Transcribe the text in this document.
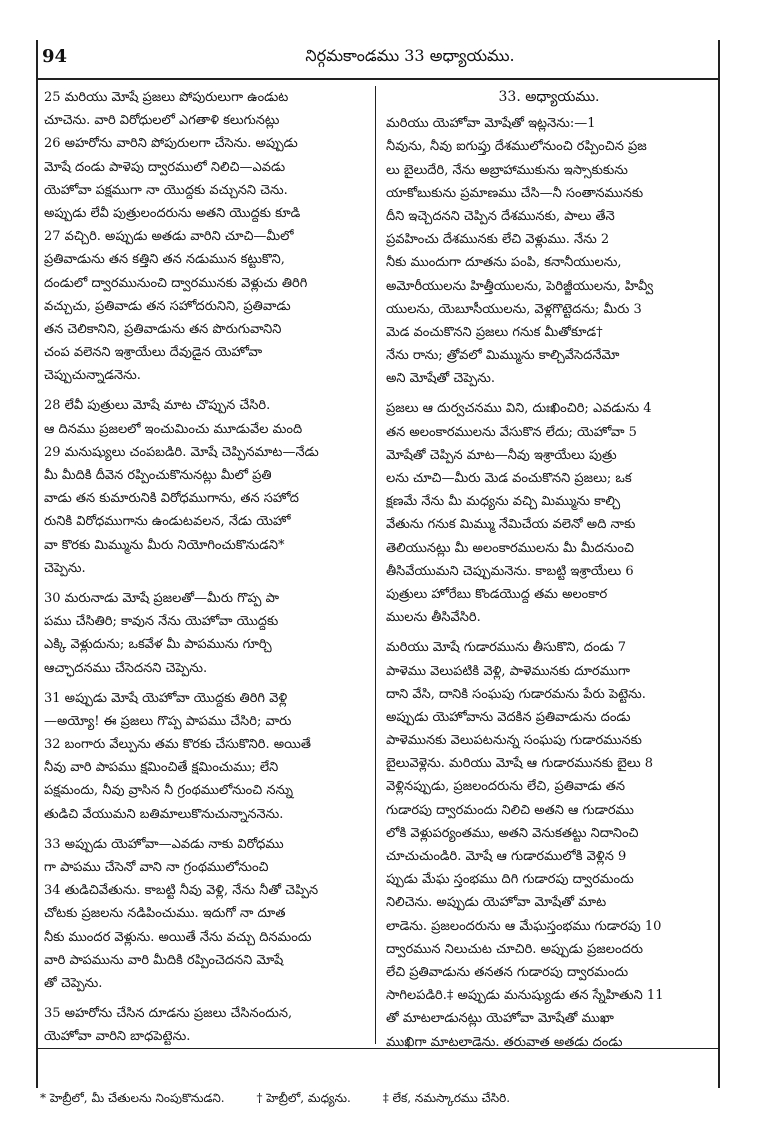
94	నిర్గమకాండము 33 అధ్యాయము.
25 మరియు మోషే ప్రజలు పోపురులుగా ఉండుట
చూచెను. వారి విరోధులలో ఎగతాళి కలుగునట్లు
26 అహరోను వారిని పోపురులగా చేసెను. అప్పుడు
మోషే దండు పాళెపు ద్వారములో నిలిచి—ఎవడు
యెహోవా పక్షముగా నా యొద్దకు వచ్చునని చెను.
అప్పుడు లేవీ పుత్రులందరును అతని యొద్దకు కూడి
27 వచ్చిరి. అప్పుడు అతడు వారిని చూచి—మీలో
ప్రతివాడును తన కత్తిని తన నడుమున కట్టుకొని,
దండులో ద్వారమునుంచి ద్వారమునకు వెళ్లుచు తిరిగి
వచ్చుచు, ప్రతివాడు తన సహోదరునిని, ప్రతివాడు
తన చెలికానిని, ప్రతివాడును తన పొరుగువానిని
చంప వలెనని ఇశ్రాయేలు దేవుడైన యెహోవా
చెప్పుచున్నాడనెను.
28 లేవీ పుత్రులు మోషే మాట చొప్పున చేసిరి.
ఆ దినము ప్రజలలో ఇంచుమించు మూడువేల మంది
29 మనుష్యులు చంపబడిరి. మోషే చెప్పినమాట—నేడు
మీ మీదికి దీవెన రప్పించుకొనునట్లు మీలో ప్రతి
వాడు తన కుమారునికి విరోధముగాను, తన సహోద
రునికి విరోధముగాను ఉండుటవలన, నేడు యెహో
వా కొరకు మిమ్మును మీరు నియోగించుకొనుడని*
చెప్పెను.
30 మరునాడు మోషే ప్రజలతో—మీరు గొప్ప పా
పము చేసితిరి; కావున నేను యెహోవా యొద్దకు
ఎక్కి వెళ్లుదును; ఒకవేళ మీ పాపమును గూర్చి
ఆచ్ఛాదనము చేసెదనని చెప్పెను.
31 అప్పుడు మోషే యెహోవా యొద్దకు తిరిగి వెళ్లి
—అయ్యో! ఈ ప్రజలు గొప్ప పాపము చేసిరి; వారు
32 బంగారు వేల్పును తమ కొరకు చేసుకొనిరి. అయితే
నీవు వారి పాపము క్షమించితే క్షమించుము; లేని
పక్షమందు, నీవు వ్రాసిన నీ గ్రంథములోనుంచి నన్ను
తుడిచి వేయుమని బతిమాలుకొనుచున్నాననెను.
33 అప్పుడు యెహోవా—ఎవడు నాకు విరోధము
గా పాపము చేసెనో వాని నా గ్రంథములోనుంచి
34 తుడిచివేతును. కాబట్టి నీవు వెళ్లి, నేను నీతో చెప్పిన
చోటకు ప్రజలను నడిపించుము. ఇదుగో నా దూత
నీకు ముందర వెళ్లును. అయితే నేను వచ్చు దినమందు
వారి పాపమును వారి మీదికి రప్పించెదనని మోషే
తో చెప్పెను.
35 అహరోను చేసిన దూడను ప్రజలు చేసినందున,
యెహోవా వారిని బాధపెట్టెను.
33. అధ్యాయము.
మరియు యెహోవా మోషేతో ఇట్లనెను:—1
నీవును, నీవు ఐగుప్తు దేశములోనుంచి రప్పించిన ప్రజ
లు బైలుదేరి, నేను అబ్రాహాముకును ఇస్సాకుకును
యాకోబుకును ప్రమాణము చేసి—నీ సంతానమునకు
దీని ఇచ్చెదనని చెప్పిన దేశమునకు, పాలు తేనె
ప్రవహించు దేశమునకు లేచి వెళ్లుము. నేను 2
నీకు ముందుగా దూతను పంపి, కనానీయులను,
అమోరీయులను హిత్తీయులను, పెరిజ్జీయులను, హివ్వీ
యులను, యెబూసీయులను, వెళ్లగొట్టెదను; మీరు 3
మెడ వంచుకొనని ప్రజలు గనుక మీతోకూడ†
నేను రాను; త్రోవలో మిమ్మును కాల్చివేసెదనేమో
అని మోషేతో చెప్పెను.
ప్రజలు ఆ దుర్వచనము విని, దుఃఖించిరి; ఎవడును 4
తన అలంకారములను వేసుకొన లేదు; యెహోవా 5
మోషేతో చెప్పిన మాట—నీవు ఇశ్రాయేలు పుత్రు
లను చూచి—మీరు మెడ వంచుకొనని ప్రజలు; ఒక
క్షణమే నేను మీ మధ్యను వచ్చి మిమ్మును కాల్చి
వేతును గనుక మిమ్ము నేమిచేయ వలెనో అది నాకు
తెలియునట్లు మీ అలంకారములను మీ మీదనుంచి
తీసివేయుమని చెప్పుమనెను. కాబట్టి ఇశ్రాయేలు 6
పుత్రులు హోరేబు కొండయొద్ద తమ అలంకార
ములను తీసివేసిరి.
మరియు మోషే గుడారమును తీసుకొని, దండు 7
పాళెము వెలుపటికి వెళ్లి, పాళెమునకు దూరముగా
దాని వేసి, దానికి సంఘపు గుడారమను పేరు పెట్టెను.
అప్పుడు యెహోవాను వెదకిన ప్రతివాడును దండు
పాళెమునకు వెలుపటనున్న సంఘపు గుడారమునకు
బైలువెళ్లెను. మరియు మోషే ఆ గుడారమునకు బైలు 8
వెళ్లినప్పుడు, ప్రజలందరును లేచి, ప్రతివాడు తన
గుడారపు ద్వారమందు నిలిచి అతని ఆ గుడారము
లోకి వెళ్లుపర్యంతము, అతని వెనుకతట్టు నిదానించి
చూచుచుండిరి. మోషే ఆ గుడారములోకి వెళ్లిన 9
ప్పుడు మేఘ స్తంభము దిగి గుడారపు ద్వారమందు
నిలిచెను. అప్పుడు యెహోవా మోషేతో మాట
లాడెను. ప్రజలందరును ఆ మేఘస్తంభము గుడారపు 10
ద్వారమున నిలుచుట చూచిరి. అప్పుడు ప్రజలందరు
లేచి ప్రతివాడును తనతన గుడారపు ద్వారమందు
సాగిలపడిరి.‡ అప్పుడు మనుష్యుడు తన స్నేహితుని 11
తో మాటలాడునట్లు యెహోవా మోషేతో ముఖా
ముఖిగా మాటలాడెను. తరువాత అతడు దండు
* హెబ్రీలో, మీ చేతులను నింపుకొనుడని.	† హెబ్రీలో, మధ్యను.	‡ లేక, నమస్కారము చేసిరి.
